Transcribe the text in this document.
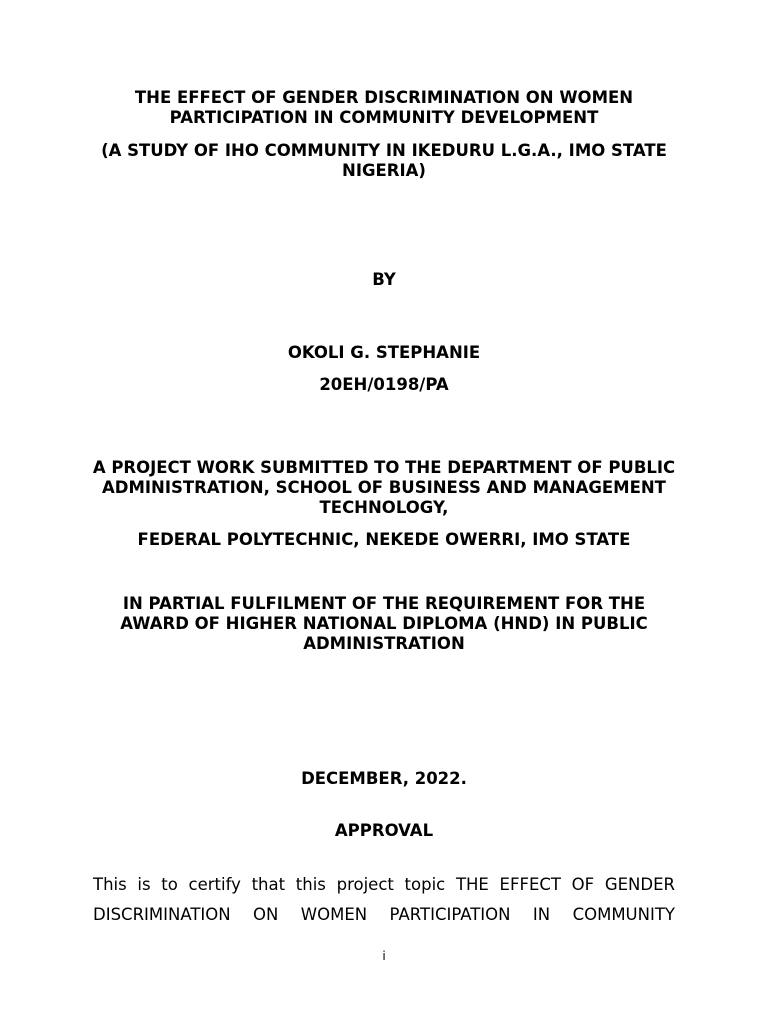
THE EFFECT OF GENDER DISCRIMINATION ON WOMEN PARTICIPATION IN COMMUNITY DEVELOPMENT

(A STUDY OF IHO COMMUNITY IN IKEDURU L.G.A., IMO STATE NIGERIA)

BY

OKOLI G. STEPHANIE

20EH/0198/PA

A PROJECT WORK SUBMITTED TO THE DEPARTMENT OF PUBLIC ADMINISTRATION, SCHOOL OF BUSINESS AND MANAGEMENT TECHNOLOGY,

FEDERAL POLYTECHNIC, NEKEDE OWERRI, IMO STATE

IN PARTIAL FULFILMENT OF THE REQUIREMENT FOR THE AWARD OF HIGHER NATIONAL DIPLOMA (HND) IN PUBLIC ADMINISTRATION

DECEMBER, 2022.

APPROVAL

This is to certify that this project topic THE EFFECT OF GENDER
DISCRIMINATION ON WOMEN PARTICIPATION IN COMMUNITY
i
